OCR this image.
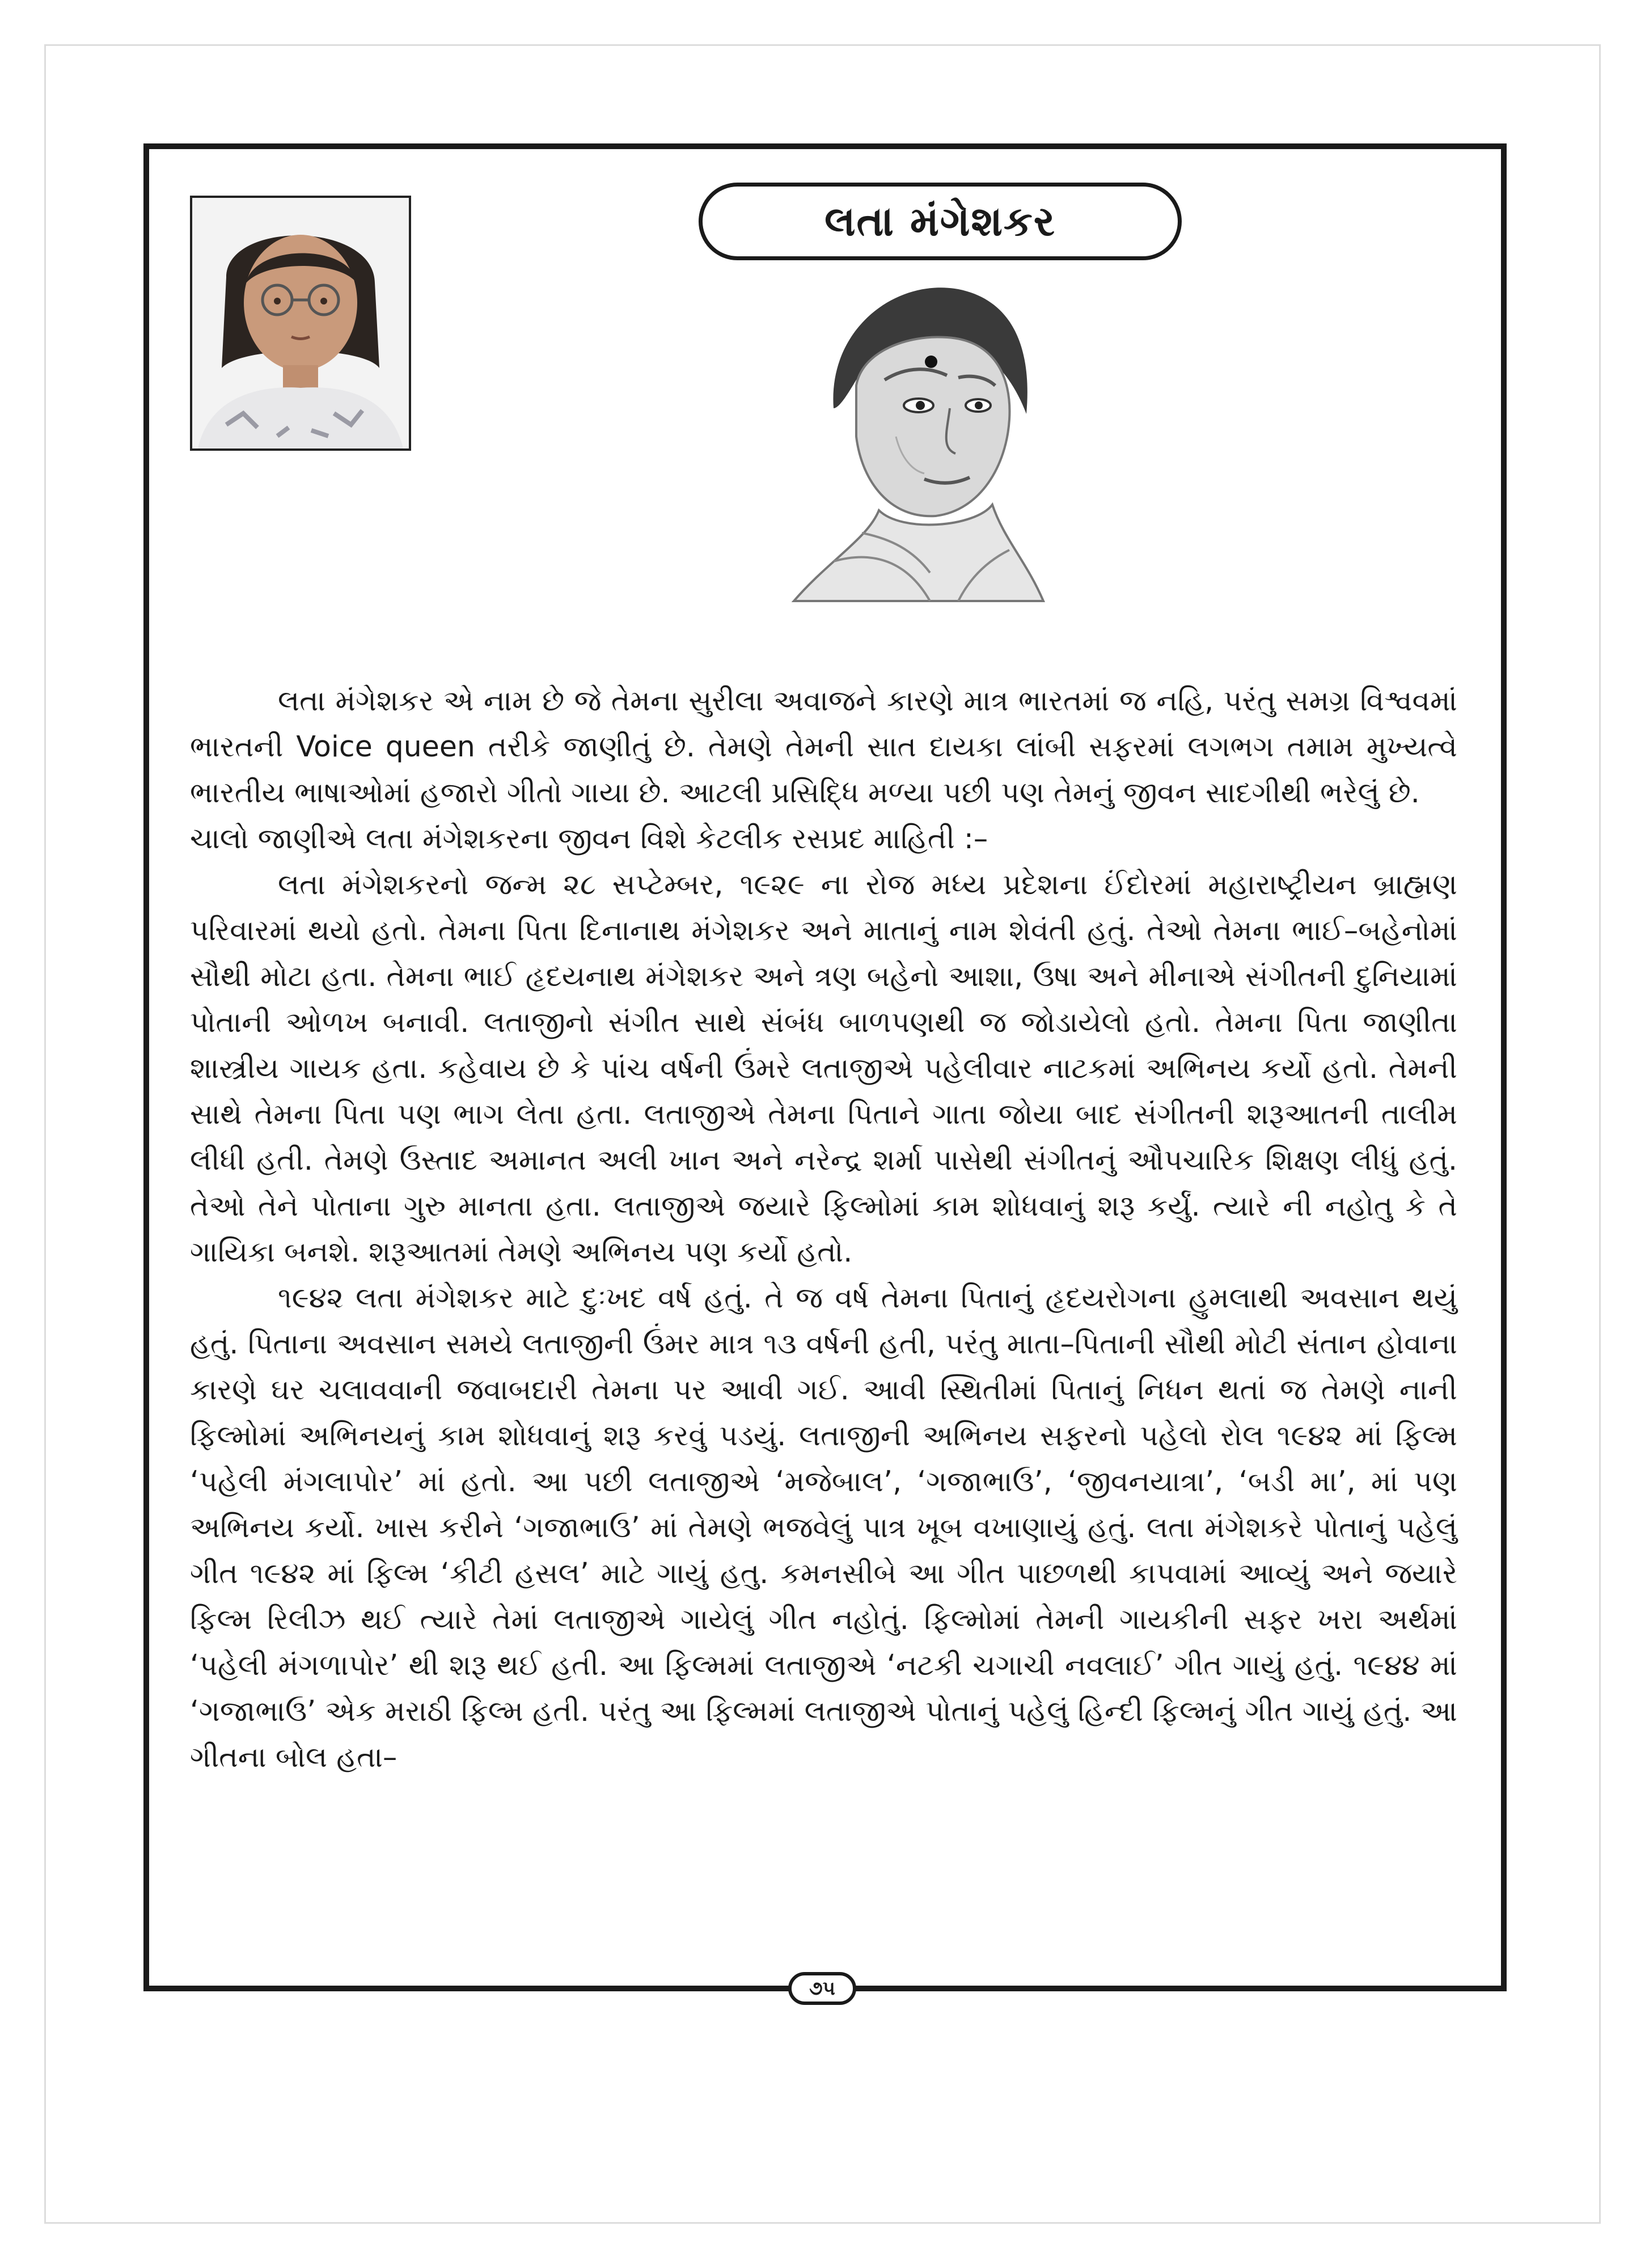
લતા મંગેશકર

લતા મંગેશકર એ નામ છે જે તેમના સુરીલા અવાજને કારણે માત્ર ભારતમાં જ નહિ, પરંતુ સમગ્ર વિશ્વવમાં ભારતની Voice queen તરીકે જાણીતું છે. તેમણે તેમની સાત દાયકા લાંબી સફરમાં લગભગ તમામ મુખ્યત્વે ભારતીય ભાષાઓમાં હજારો ગીતો ગાયા છે. આટલી પ્રસિદ્ધિ મળ્યા પછી પણ તેમનું જીવન સાદગીથી ભરેલું છે.

ચાલો જાણીએ લતા મંગેશકરના જીવન વિશે કેટલીક રસપ્રદ માહિતી :–

લતા મંગેશકરનો જન્મ ૨૮ સપ્ટેમ્બર, ૧૯૨૯ ના રોજ મધ્ય પ્રદેશના ઈંદોરમાં મહારાષ્ટ્રીયન બ્રાહ્મણ પરિવારમાં થયો હતો. તેમના પિતા દિનાનાથ મંગેશકર અને માતાનું નામ શેવંતી હતું. તેઓ તેમના ભાઈ–બહેનોમાં સૌથી મોટા હતા. તેમના ભાઈ હૃદયનાથ મંગેશકર અને ત્રણ બહેનો આશા, ઉષા અને મીનાએ સંગીતની દુનિયામાં પોતાની ઓળખ બનાવી. લતાજીનો સંગીત સાથે સંબંધ બાળપણથી જ જોડાયેલો હતો. તેમના પિતા જાણીતા શાસ્ત્રીય ગાયક હતા. કહેવાય છે કે પાંચ વર્ષની ઉંમરે લતાજીએ પહેલીવાર નાટકમાં અભિનય કર્યો હતો. તેમની સાથે તેમના પિતા પણ ભાગ લેતા હતા. લતાજીએ તેમના પિતાને ગાતા જોયા બાદ સંગીતની શરૂઆતની તાલીમ લીધી હતી. તેમણે ઉસ્તાદ અમાનત અલી ખાન અને નરેન્દ્ર શર્મા પાસેથી સંગીતનું ઔપચારિક શિક્ષણ લીધું હતું. તેઓ તેને પોતાના ગુરુ માનતા હતા. લતાજીએ જયારે ફિલ્મોમાં કામ શોધવાનું શરૂ કર્યું. ત્યારે ની નહોતુ કે તે ગાયિકા બનશે. શરૂઆતમાં તેમણે અભિનય પણ કર્યો હતો.

૧૯૪૨ લતા મંગેશકર માટે દુઃખદ વર્ષ હતું. તે જ વર્ષ તેમના પિતાનું હૃદયરોગના હુમલાથી અવસાન થયું હતું. પિતાના અવસાન સમયે લતાજીની ઉંમર માત્ર ૧૩ વર્ષની હતી, પરંતુ માતા–પિતાની સૌથી મોટી સંતાન હોવાના કારણે ઘર ચલાવવાની જવાબદારી તેમના પર આવી ગઈ. આવી સ્થિતીમાં પિતાનું નિધન થતાં જ તેમણે નાની ફિલ્મોમાં અભિનયનું કામ શોધવાનું શરૂ કરવું પડયું. લતાજીની અભિનય સફરનો પહેલો રોલ ૧૯૪૨ માં ફિલ્મ ‘પહેલી મંગલાપોર’ માં હતો. આ પછી લતાજીએ ‘મજેબાલ’, ‘ગજાભાઉ’, ‘જીવનયાત્રા’, ‘બડી મા’, માં પણ અભિનય કર્યો. ખાસ કરીને ‘ગજાભાઉ’ માં તેમણે ભજવેલું પાત્ર ખૂબ વખાણાયું હતું. લતા મંગેશકરે પોતાનું પહેલું ગીત ૧૯૪૨ માં ફિલ્મ ‘કીટી હસલ’ માટે ગાયું હતુ. કમનસીબે આ ગીત પાછળથી કાપવામાં આવ્યું અને જયારે ફિલ્મ રિલીઝ થઈ ત્યારે તેમાં લતાજીએ ગાયેલું ગીત નહોતું. ફિલ્મોમાં તેમની ગાયકીની સફર ખરા અર્થમાં ‘પહેલી મંગળાપોર’ થી શરૂ થઈ હતી. આ ફિલ્મમાં લતાજીએ ‘નટકી ચગાચી નવલાઈ’ ગીત ગાયું હતું. ૧૯૪૪ માં ‘ગજાભાઉ’ એક મરાઠી ફિલ્મ હતી. પરંતુ આ ફિલ્મમાં લતાજીએ પોતાનું પહેલું હિન્દી ફિલ્મનું ગીત ગાયું હતું. આ ગીતના બોલ હતા–

૭૫
